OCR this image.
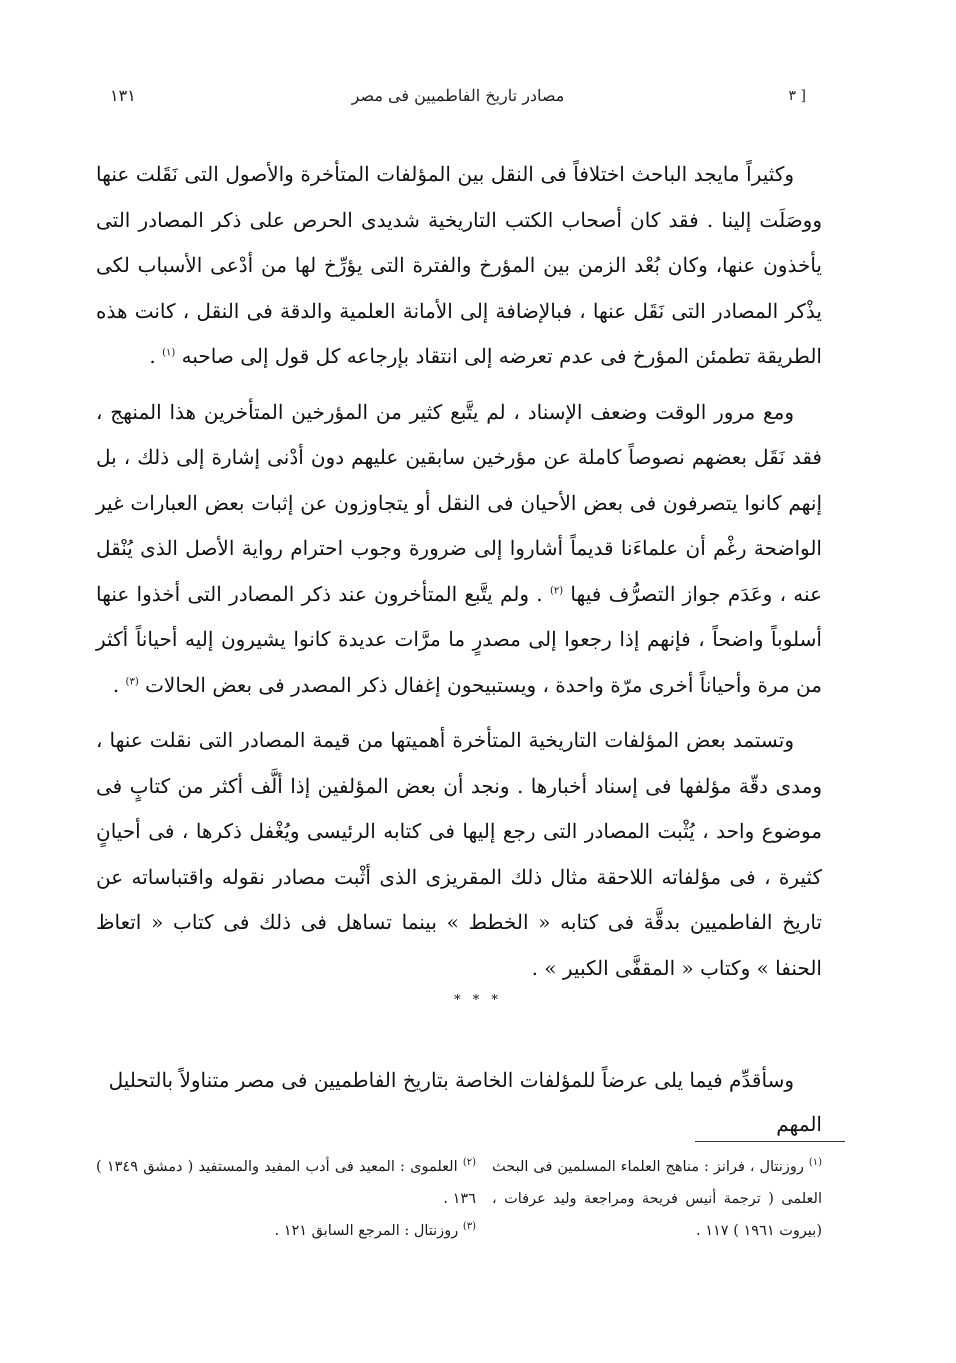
[ ٣
مصادر تاريخ الفاطميين فى مصر
١٣١

وكثيراً مايجد الباحث اختلافاً فى النقل بين المؤلفات المتأخرة والأصول التى نَقَلت عنها ووصَلَت إلينا . فقد كان أصحاب الكتب التاريخية شديدى الحرص على ذكر المصادر التى يأخذون عنها، وكان بُعْد الزمن بين المؤرخ والفترة التى يؤرِّخ لها من أدْعى الأسباب لكى يذْكر المصادر التى نَقَل عنها ، فبالإضافة إلى الأمانة العلمية والدقة فى النقل ، كانت هذه الطريقة تطمئن المؤرخ فى عدم تعرضه إلى انتقاد بإرجاعه كل قول إلى صاحبه $^{(١)}$ .

ومع مرور الوقت وضعف الإسناد ، لم يتَّبع كثير من المؤرخين المتأخرين هذا المنهج ، فقد نَقَل بعضهم نصوصاً كاملة عن مؤرخين سابقين عليهم دون أدْنى إشارة إلى ذلك ، بل إنهم كانوا يتصرفون فى بعض الأحيان فى النقل أو يتجاوزون عن إثبات بعض العبارات غير الواضحة رغْم أن علماءَنا قديماً أشاروا إلى ضرورة وجوب احترام رواية الأصل الذى يُنْقل عنه ، وعَدَم جواز التصرُّف فيها $^{(٢)}$ . ولم يتَّبع المتأخرون عند ذكر المصادر التى أخذوا عنها أسلوباً واضحاً ، فإنهم إذا رجعوا إلى مصدرٍ ما مرَّات عديدة كانوا يشيرون إليه أحياناً أكثر من مرة وأحياناً أخرى مرّة واحدة ، ويستبيحون إغفال ذكر المصدر فى بعض الحالات $^{(٣)}$ .

وتستمد بعض المؤلفات التاريخية المتأخرة أهميتها من قيمة المصادر التى نقلت عنها ، ومدى دقّة مؤلفها فى إسناد أخبارها . ونجد أن بعض المؤلفين إذا ألَّف أكثر من كتابٍ فى موضوع واحد ، يُثْبت المصادر التى رجع إليها فى كتابه الرئيسى ويُغْفل ذكرها ، فى أحيانٍ كثيرة ، فى مؤلفاته اللاحقة مثال ذلك المقريزى الذى أثْبت مصادر نقوله واقتباساته عن تاريخ الفاطميين بدقَّة فى كتابه « الخطط » بينما تساهل فى ذلك فى كتاب « اتعاظ الحنفا » وكتاب « المقفَّى الكبير » .

* * *
وسأقدِّم فيما يلى عرضاً للمؤلفات الخاصة بتاريخ الفاطميين فى مصر متناولاً بالتحليل المهم

$^{(١)}$ روزنتال ، فرانز : مناهج العلماء المسلمين فى البحث العلمى ( ترجمة أنيس فريحة ومراجعة وليد عرفات ، (بيروت ١٩٦١ ) ١١٧ .

$^{(٢)}$ العلموى : المعيد فى أدب المفيد والمستفيد ( دمشق ١٣٤٩ ) ١٣٦ .

$^{(٣)}$ روزنتال : المرجع السابق ١٢١ .
